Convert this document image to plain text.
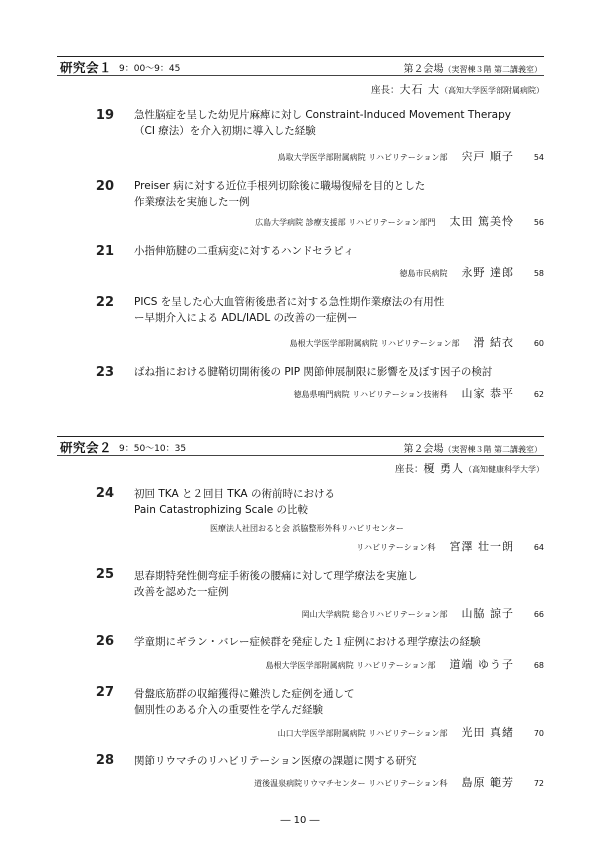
研究会１ 9：00～9：45	第２会場（実習棟３階 第二講義室）
座長：大石 大（高知大学医学部附属病院）
19 急性脳症を呈した幼児片麻痺に対し Constraint-Induced Movement Therapy
（CI 療法）を介入初期に導入した経験
鳥取大学医学部附属病院 リハビリテーション部 宍戸 順子 54
20 Preiser 病に対する近位手根列切除後に職場復帰を目的とした
作業療法を実施した一例
広島大学病院 診療支援部 リハビリテーション部門 太田 篤美怜 56
21 小指伸筋腱の二重病変に対するハンドセラピィ
徳島市民病院 永野 達郎 58
22 PICS を呈した心大血管術後患者に対する急性期作業療法の有用性
ー早期介入による ADL/IADL の改善の一症例ー
島根大学医学部附属病院 リハビリテーション部 滑 結衣 60
23 ばね指における腱鞘切開術後の PIP 関節伸展制限に影響を及ぼす因子の検討
徳島県鳴門病院 リハビリテーション技術科 山家 恭平 62
研究会２ 9：50～10：35	第２会場（実習棟３階 第二講義室）
座長：榎 勇人（高知健康科学大学）
24 初回 TKA と２回目 TKA の術前時における
Pain Catastrophizing Scale の比較
医療法人社団おると会 浜脇整形外科リハビリセンター
リハビリテーション科 宮澤 壮一朗 64
25 思春期特発性側弯症手術後の腰痛に対して理学療法を実施し
改善を認めた一症例
岡山大学病院 総合リハビリテーション部 山脇 諒子 66
26 学童期にギラン・バレー症候群を発症した１症例における理学療法の経験
島根大学医学部附属病院 リハビリテーション部 道端 ゆう子 68
27 骨盤底筋群の収縮獲得に難渋した症例を通して
個別性のある介入の重要性を学んだ経験
山口大学医学部附属病院 リハビリテーション部 光田 真緒 70
28 関節リウマチのリハビリテーション医療の課題に関する研究
道後温泉病院リウマチセンター リハビリテーション科 島原 範芳 72
― 10 ―
